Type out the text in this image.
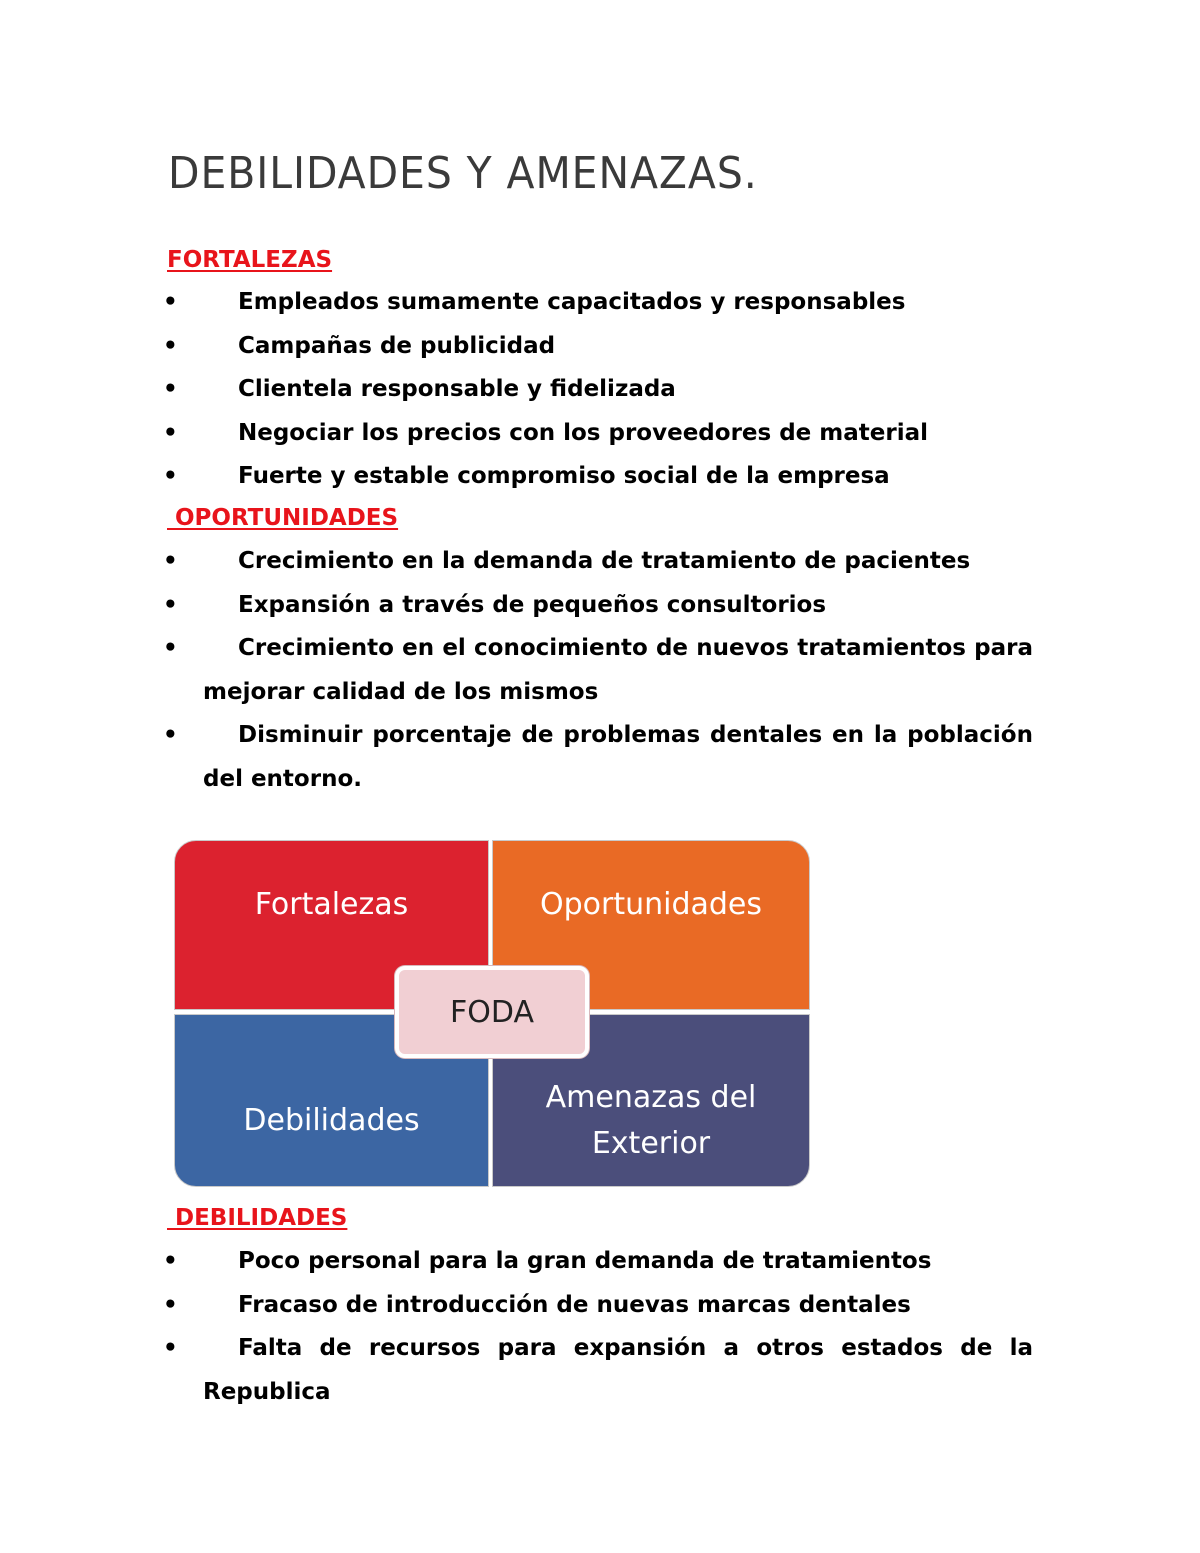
DEBILIDADES Y AMENAZAS.
FORTALEZAS
•	Empleados sumamente capacitados y responsables
•	Campañas de publicidad
•	Clientela responsable y fidelizada
•	Negociar los precios con los proveedores de material
•	Fuerte y estable compromiso social de la empresa
OPORTUNIDADES
•	Crecimiento en la demanda de tratamiento de pacientes
•	Expansión a través de pequeños consultorios
•	Crecimiento en el conocimiento de nuevos tratamientos para mejorar calidad de los mismos
•	Disminuir porcentaje de problemas dentales en la población del entorno.
Fortalezas	Oportunidades
Debilidades
Amenazas del Exterior
FODA
DEBILIDADES
•	Poco personal para la gran demanda de tratamientos
•	Fracaso de introducción de nuevas marcas dentales
•	Falta de recursos para expansión a otros estados de la Republica
